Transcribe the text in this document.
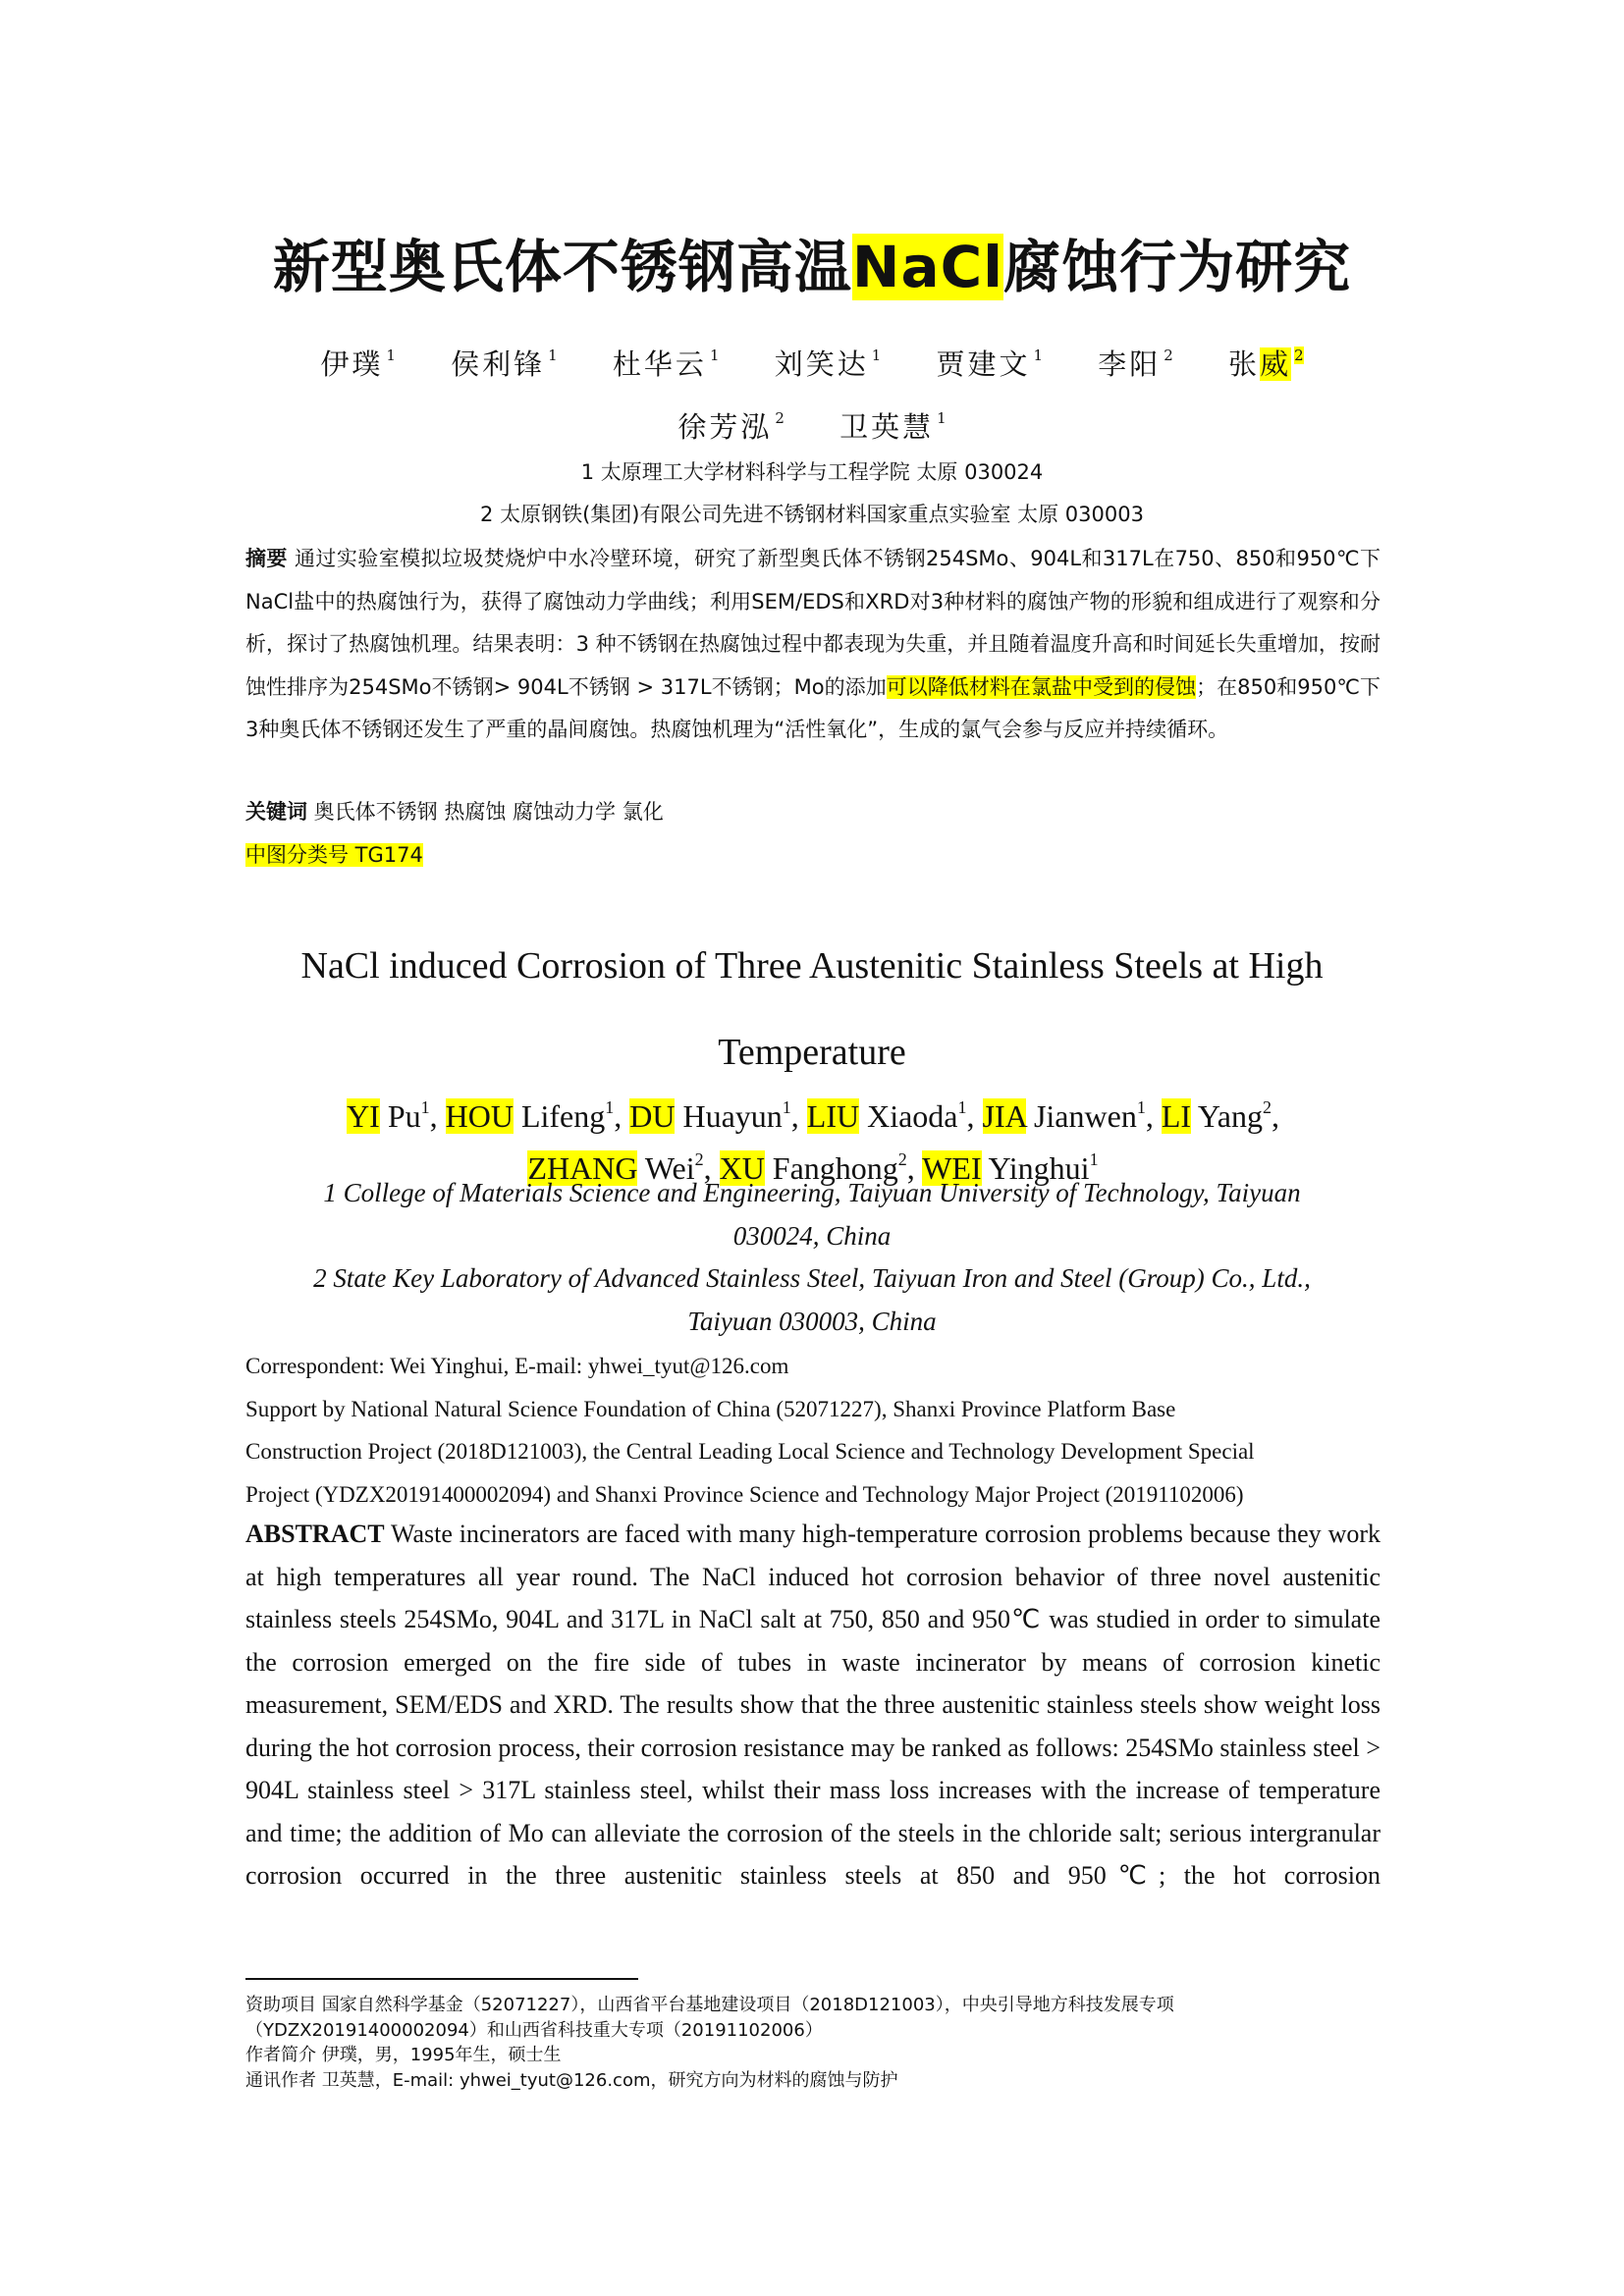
新型奥氏体不锈钢高温NaCl腐蚀行为研究
伊璞 $^1$ 侯利锋 $^1$ 杜华云 $^1$ 刘笑达 $^1$ 贾建文 $^1$ 李阳 $^2$ 张威 $^2$
徐芳泓 $^2$ 卫英慧 $^1$
1 太原理工大学材料科学与工程学院 太原 030024
2 太原钢铁(集团)有限公司先进不锈钢材料国家重点实验室 太原 030003
摘要 通过实验室模拟垃圾焚烧炉中水冷壁环境，研究了新型奥氏体不锈钢254SMo、904L和317L在750、850和950℃下NaCl盐中的热腐蚀行为，获得了腐蚀动力学曲线；利用SEM/EDS和XRD对3种材料的腐蚀产物的形貌和组成进行了观察和分析，探讨了热腐蚀机理。结果表明：3 种不锈钢在热腐蚀过程中都表现为失重，并且随着温度升高和时间延长失重增加，按耐蚀性排序为254SMo不锈钢> 904L不锈钢 > 317L不锈钢；Mo的添加可以降低材料在氯盐中受到的侵蚀；在850和950℃下3种奥氏体不锈钢还发生了严重的晶间腐蚀。热腐蚀机理为“活性氧化”，生成的氯气会参与反应并持续循环。
关键词 奥氏体不锈钢 热腐蚀 腐蚀动力学 氯化
中图分类号 TG174
NaCl induced Corrosion of Three Austenitic Stainless Steels at High
Temperature
YI Pu$^1$, HOU Lifeng$^1$, DU Huayun$^1$, LIU Xiaoda$^1$, JIA Jianwen$^1$, LI Yang$^2$,
ZHANG Wei$^2$, XU Fanghong$^2$, WEI Yinghui$^1$
1 College of Materials Science and Engineering, Taiyuan University of Technology, Taiyuan
030024, China
2 State Key Laboratory of Advanced Stainless Steel, Taiyuan Iron and Steel (Group) Co., Ltd.,
Taiyuan 030003, China
Correspondent: Wei Yinghui, E-mail: yhwei_tyut@126.com
Support by National Natural Science Foundation of China (52071227), Shanxi Province Platform Base
Construction Project (2018D121003), the Central Leading Local Science and Technology Development Special
Project (YDZX20191400002094) and Shanxi Province Science and Technology Major Project (20191102006)
ABSTRACT Waste incinerators are faced with many high-temperature corrosion problems because they work at high temperatures all year round. The NaCl induced hot corrosion behavior of three novel austenitic stainless steels 254SMo, 904L and 317L in NaCl salt at 750, 850 and 950℃ was studied in order to simulate the corrosion emerged on the fire side of tubes in waste incinerator by means of corrosion kinetic measurement, SEM/EDS and XRD. The results show that the three austenitic stainless steels show weight loss during the hot corrosion process, their corrosion resistance may be ranked as follows: 254SMo stainless steel > 904L stainless steel > 317L stainless steel, whilst their mass loss increases with the increase of temperature and time; the addition of Mo can alleviate the corrosion of the steels in the chloride salt; serious intergranular corrosion occurred in the three austenitic stainless steels at 850 and 950℃; the hot corrosion
资助项目 国家自然科学基金（52071227），山西省平台基地建设项目（2018D121003），中央引导地方科技发展专项
（YDZX20191400002094）和山西省科技重大专项（20191102006）
作者简介 伊璞，男，1995年生，硕士生
通讯作者 卫英慧，E-mail: yhwei_tyut@126.com，研究方向为材料的腐蚀与防护
